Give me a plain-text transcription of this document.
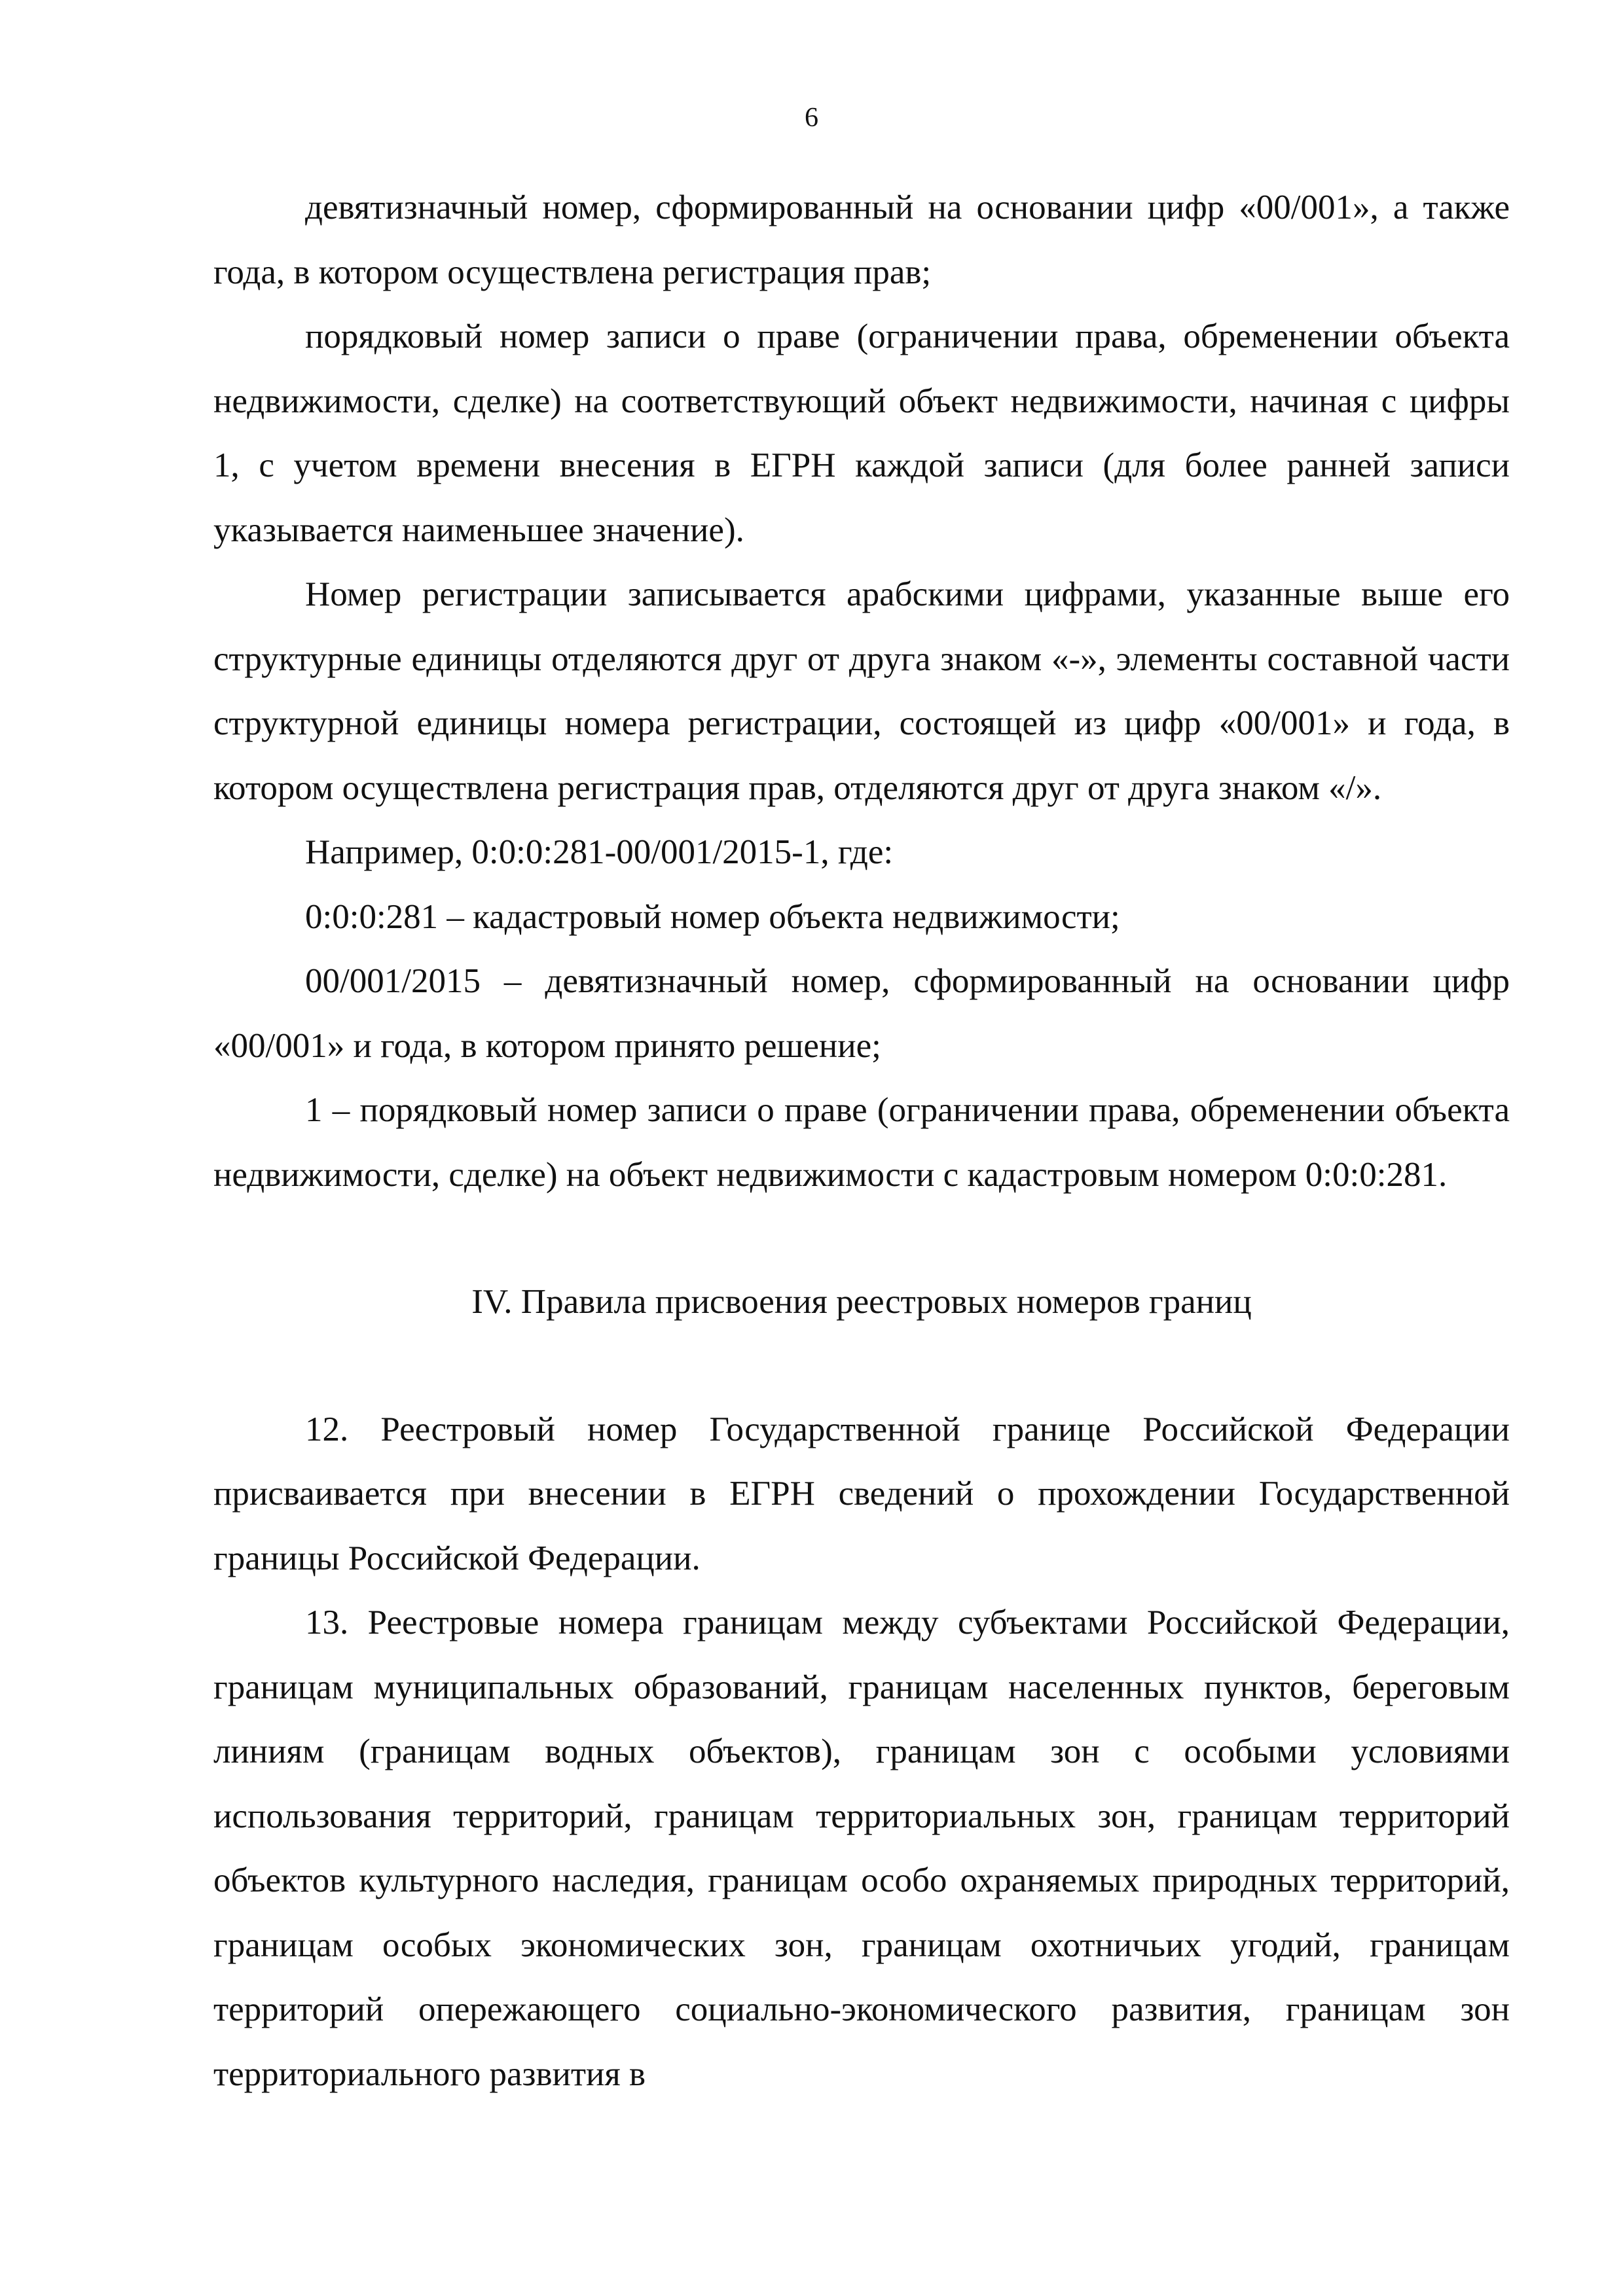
6

девятизначный номер, сформированный на основании цифр «00/001», а также года, в котором осуществлена регистрация прав;

порядковый номер записи о праве (ограничении права, обременении объекта недвижимости, сделке) на соответствующий объект недвижимости, начиная с цифры 1, с учетом времени внесения в ЕГРН каждой записи (для более ранней записи указывается наименьшее значение).

Номер регистрации записывается арабскими цифрами, указанные выше его структурные единицы отделяются друг от друга знаком «-», элементы составной части структурной единицы номера регистрации, состоящей из цифр «00/001» и года, в котором осуществлена регистрация прав, отделяются друг от друга знаком «/».

Например, 0:0:0:281-00/001/2015-1, где:

0:0:0:281 – кадастровый номер объекта недвижимости;

00/001/2015 – девятизначный номер, сформированный на основании цифр «00/001» и года, в котором принято решение;

1 – порядковый номер записи о праве (ограничении права, обременении объекта недвижимости, сделке) на объект недвижимости с кадастровым номером 0:0:0:281.

IV. Правила присвоения реестровых номеров границ

12. Реестровый номер Государственной границе Российской Федерации присваивается при внесении в ЕГРН сведений о прохождении Государственной границы Российской Федерации.

13. Реестровые номера границам между субъектами Российской Федерации, границам муниципальных образований, границам населенных пунктов, береговым линиям (границам водных объектов), границам зон с особыми условиями использования территорий, границам территориальных зон, границам территорий объектов культурного наследия, границам особо охраняемых природных территорий, границам особых экономических зон, границам охотничьих угодий, границам территорий опережающего социально-экономического развития, границам зон территориального развития в
